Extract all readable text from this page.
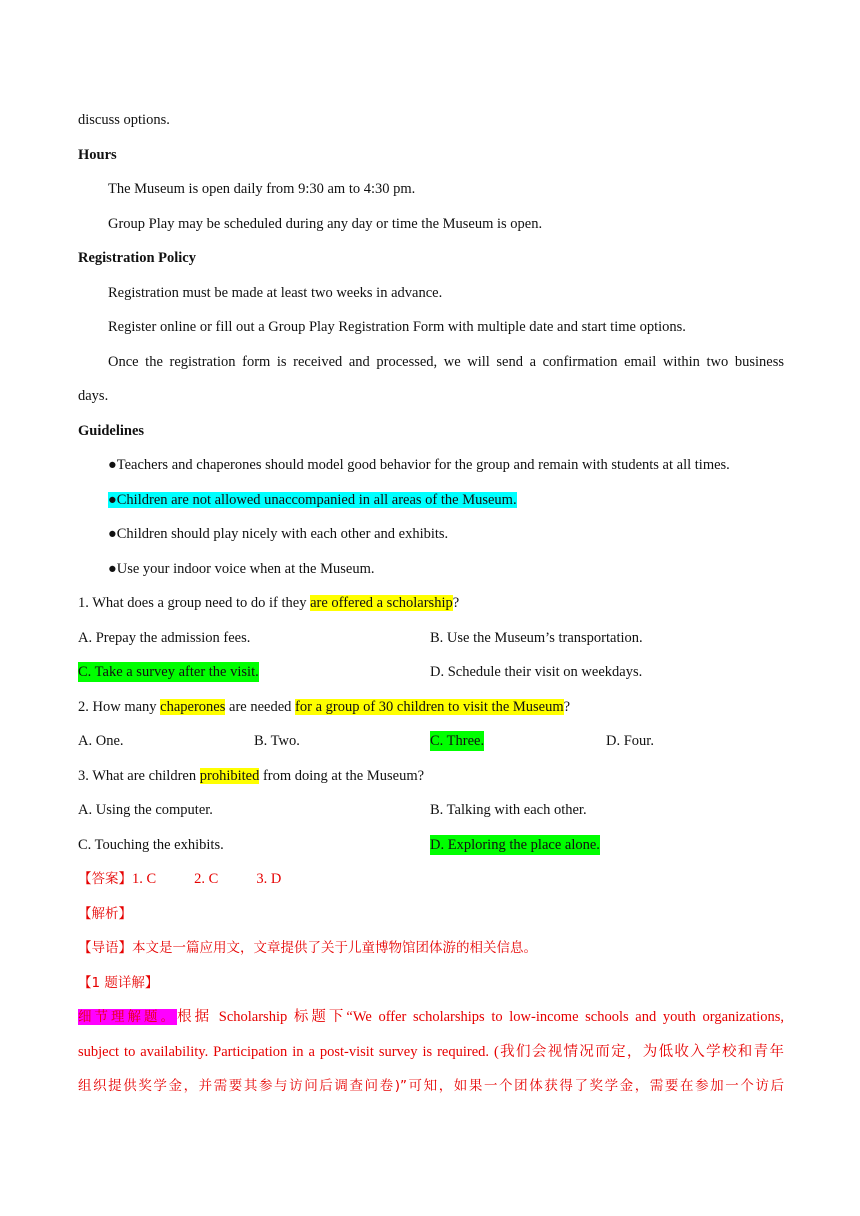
discuss options.
Hours
The Museum is open daily from 9:30 am to 4:30 pm.
Group Play may be scheduled during any day or time the Museum is open.
Registration Policy
Registration must be made at least two weeks in advance.
Register online or fill out a Group Play Registration Form with multiple date and start time options.
Once the registration form is received and processed, we will send a confirmation email within two business
days.
Guidelines
●Teachers and chaperones should model good behavior for the group and remain with students at all times.
●Children are not allowed unaccompanied in all areas of the Museum.
●Children should play nicely with each other and exhibits.
●Use your indoor voice when at the Museum.
1. What does a group need to do if they are offered a scholarship?
A. Prepay the admission fees.	B. Use the Museum’s transportation.
C. Take a survey after the visit.	D. Schedule their visit on weekdays.
2. How many chaperones are needed for a group of 30 children to visit the Museum?
A. One.	B. Two.	C. Three.	D. Four.
3. What are children prohibited from doing at the Museum?
A. Using the computer.	B. Talking with each other.
C. Touching the exhibits.	D. Exploring the place alone.
【答案】1. C	2. C	3. D
【解析】
【导语】本文是一篇应用文，文章提供了关于儿童博物馆团体游的相关信息。
【1 题详解】
细节理解题。根据 Scholarship 标题下“We offer scholarships to low-income schools and youth organizations,
subject to availability. Participation in a post-visit survey is required. (我们会视情况而定，为低收入学校和青年
组织提供奖学金，并需要其参与访问后调查问卷)”可知，如果一个团体获得了奖学金，需要在参加一个访后
